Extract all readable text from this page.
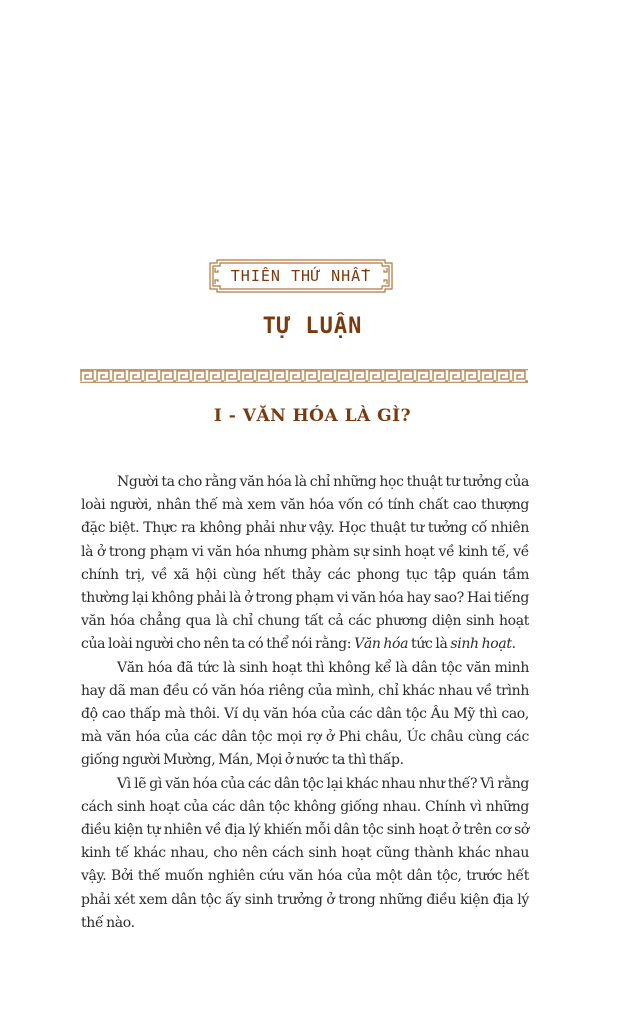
THIÊN THỨ NHẤT
TỰ LUẬN
I - VĂN HÓA LÀ GÌ?

Người ta cho rằng văn hóa là chỉ những học thuật tư tưởng của loài người, nhân thế mà xem văn hóa vốn có tính chất cao thượng đặc biệt. Thực ra không phải như vậy. Học thuật tư tưởng cố nhiên là ở trong phạm vi văn hóa nhưng phàm sự sinh hoạt về kinh tế, về chính trị, về xã hội cùng hết thảy các phong tục tập quán tầm thường lại không phải là ở trong phạm vi văn hóa hay sao? Hai tiếng văn hóa chẳng qua là chỉ chung tất cả các phương diện sinh hoạt của loài người cho nên ta có thể nói rằng: Văn hóa tức là sinh hoạt.

Văn hóa đã tức là sinh hoạt thì không kể là dân tộc văn minh hay dã man đều có văn hóa riêng của mình, chỉ khác nhau về trình độ cao thấp mà thôi. Ví dụ văn hóa của các dân tộc Âu Mỹ thì cao, mà văn hóa của các dân tộc mọi rợ ở Phi châu, Úc châu cùng các giống người Mường, Mán, Mọi ở nước ta thì thấp.

Vì lẽ gì văn hóa của các dân tộc lại khác nhau như thế? Vì rằng cách sinh hoạt của các dân tộc không giống nhau. Chính vì những điều kiện tự nhiên về địa lý khiến mỗi dân tộc sinh hoạt ở trên cơ sở kinh tế khác nhau, cho nên cách sinh hoạt cũng thành khác nhau vậy. Bởi thế muốn nghiên cứu văn hóa của một dân tộc, trước hết phải xét xem dân tộc ấy sinh trưởng ở trong những điều kiện địa lý thế nào.
